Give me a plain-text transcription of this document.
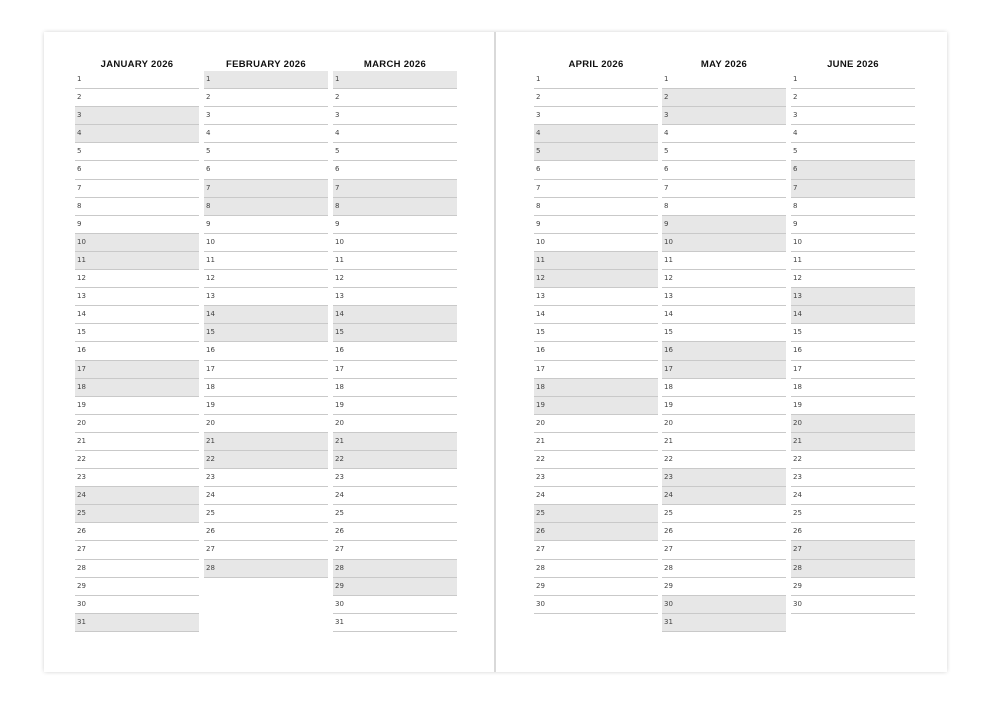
JANUARY 2026
1
2
3
4
5
6
7
8
9
10
11
12
13
14
15
16
17
18
19
20
21
22
23
24
25
26
27
28
29
30
31
FEBRUARY 2026
1
2
3
4
5
6
7
8
9
10
11
12
13
14
15
16
17
18
19
20
21
22
23
24
25
26
27
28
MARCH 2026
1
2
3
4
5
6
7
8
9
10
11
12
13
14
15
16
17
18
19
20
21
22
23
24
25
26
27
28
29
30
31
APRIL 2026
1
2
3
4
5
6
7
8
9
10
11
12
13
14
15
16
17
18
19
20
21
22
23
24
25
26
27
28
29
30
MAY 2026
1
2
3
4
5
6
7
8
9
10
11
12
13
14
15
16
17
18
19
20
21
22
23
24
25
26
27
28
29
30
31
JUNE 2026
1
2
3
4
5
6
7
8
9
10
11
12
13
14
15
16
17
18
19
20
21
22
23
24
25
26
27
28
29
30
